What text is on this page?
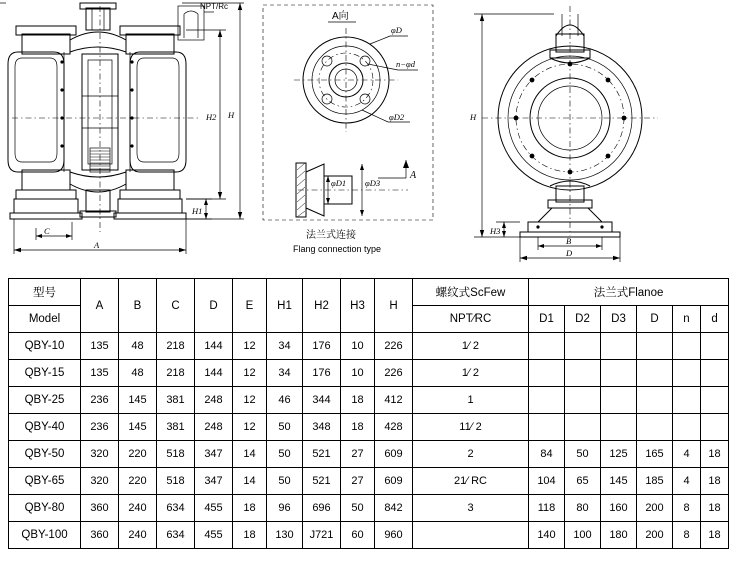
C
A
H1
H2 H
NPT/Rc
A向
φD
n−φd
φD2
φD1 φD3
A
法兰式连接
Flang connection type
H
H3
B
D
型号	A	B	C	D	E	H1	H2	H3	H	螺纹式ScFew	法兰式Flanoe					
Model										NPT∕RC	D1	D2	D3	D	n	d
QBY-10	135	48	218	144	12	34	176	10	226	1∕ 2						
QBY-15	135	48	218	144	12	34	176	10	226	1∕ 2						
QBY-25	236	145	381	248	12	46	344	18	412	1						
QBY-40	236	145	381	248	12	50	348	18	428	11∕ 2						
QBY-50	320	220	518	347	14	50	521	27	609	2	84	50	125	165	4	18
QBY-65	320	220	518	347	14	50	521	27	609	21∕ RC	104	65	145	185	4	18
QBY-80	360	240	634	455	18	96	696	50	842	3	118	80	160	200	8	18
QBY-100	360	240	634	455	18	130	J721	60	960		140	100	180	200	8	18
